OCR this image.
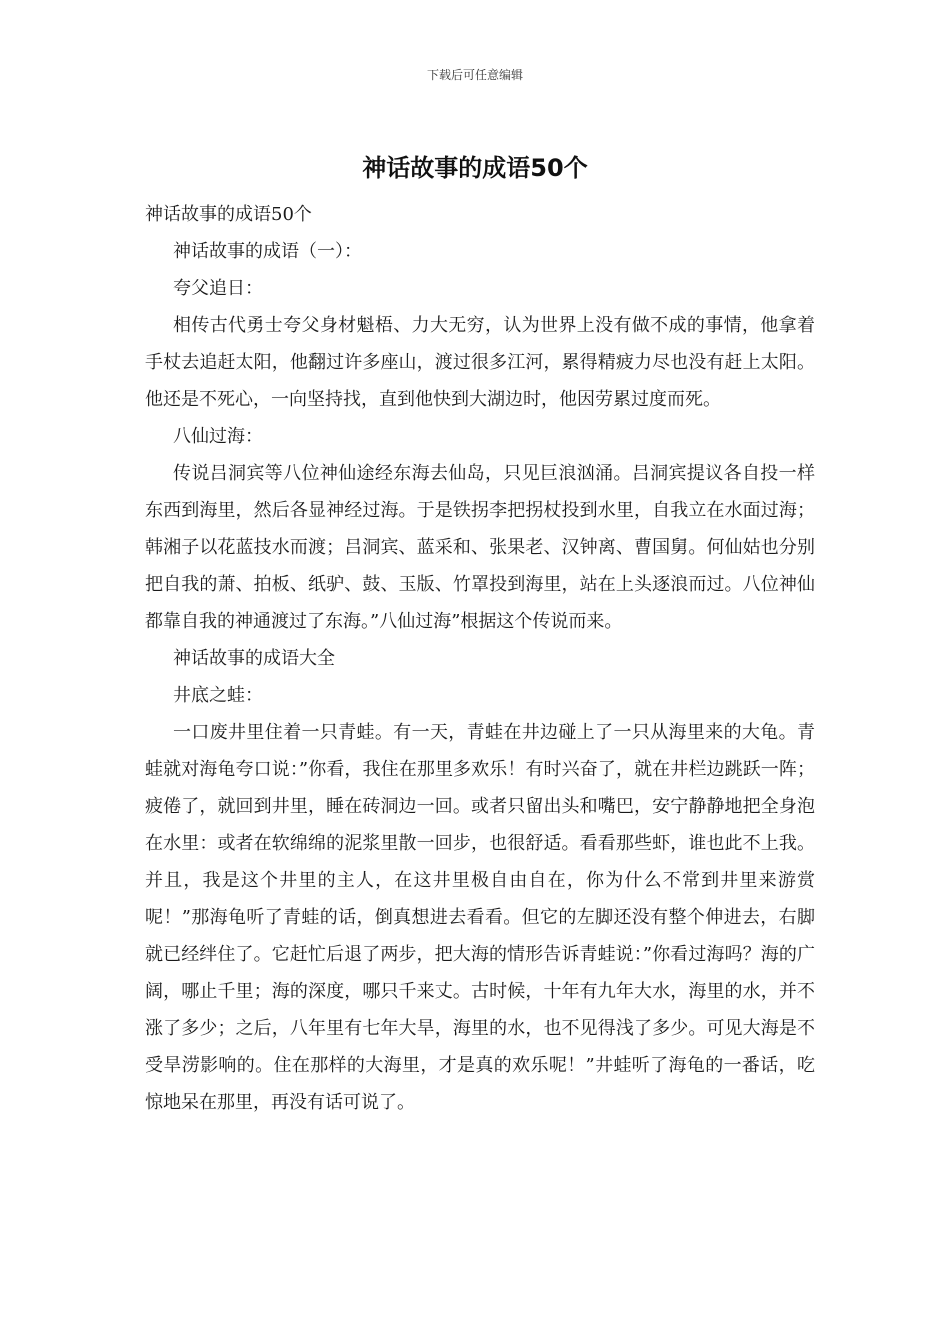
下载后可任意编辑
神话故事的成语50个

神话故事的成语50个

神话故事的成语（一）：

夸父追日：

相传古代勇士夸父身材魁梧、力大无穷，认为世界上没有做不成的事情，他拿着手杖去追赶太阳，他翻过许多座山，渡过很多江河，累得精疲力尽也没有赶上太阳。他还是不死心，一向坚持找，直到他快到大湖边时，他因劳累过度而死。

八仙过海：

传说吕洞宾等八位神仙途经东海去仙岛，只见巨浪汹涌。吕洞宾提议各自投一样东西到海里，然后各显神经过海。于是铁拐李把拐杖投到水里，自我立在水面过海；韩湘子以花蓝技水而渡；吕洞宾、蓝采和、张果老、汉钟离、曹国舅。何仙姑也分别把自我的萧、拍板、纸驴、鼓、玉版、竹罩投到海里，站在上头逐浪而过。八位神仙都靠自我的神通渡过了东海。”八仙过海”根据这个传说而来。

神话故事的成语大全

井底之蛙：

一口废井里住着一只青蛙。有一天，青蛙在井边碰上了一只从海里来的大龟。青蛙就对海龟夸口说：”你看，我住在那里多欢乐！有时兴奋了，就在井栏边跳跃一阵；疲倦了，就回到井里，睡在砖洞边一回。或者只留出头和嘴巴，安宁静静地把全身泡在水里：或者在软绵绵的泥浆里散一回步，也很舒适。看看那些虾，谁也此不上我。并且，我是这个井里的主人，在这井里极自由自在，你为什么不常到井里来游赏呢！”那海龟听了青蛙的话，倒真想进去看看。但它的左脚还没有整个伸进去，右脚就已经绊住了。它赶忙后退了两步，把大海的情形告诉青蛙说：”你看过海吗？海的广阔，哪止千里；海的深度，哪只千来丈。古时候，十年有九年大水，海里的水，并不涨了多少；之后，八年里有七年大旱，海里的水，也不见得浅了多少。可见大海是不受旱涝影响的。住在那样的大海里，才是真的欢乐呢！”井蛙听了海龟的一番话，吃惊地呆在那里，再没有话可说了。
